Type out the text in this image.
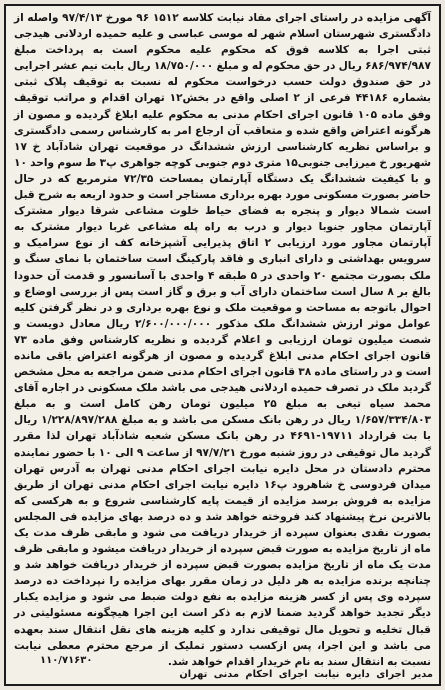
آگهی مزایده در راستای اجرای مفاد نیابت کلاسه ۱۵۱۲ ۹۶ مورخ ۹۷/۴/۱۳ واصله از دادگستری شهرستان اسلام شهر له موسی عباسی و علیه حمیده اردلانی هیدجی ثبتی اجرا به کلاسه فوق که محکوم علیه محکوم است به پرداخت مبلغ ۶۸۶/۹۷۴/۹۸۷ ریال در حق محکوم له و مبلغ ۱۸/۷۵۰/۰۰۰ ریال بابت نیم عشر اجرایی در حق صندوق دولت حسب درخواست محکوم له نسبت به توقیف پلاک ثبتی بشماره ۴۴۱۸۶ فرعی از ۲ اصلی واقع در بخش۱۲ تهران اقدام و مراتب توقیف وفق ماده ۱۰۵ قانون اجرای احکام مدنی به محکوم علیه ابلاغ گردیده و مصون از هرگونه اعتراض واقع شده و متعاقب آن ارجاع امر به کارشناس رسمی دادگستری و براساس نظریه کارشناسی ارزش ششدانگ در موقعیت تهران شادآباد خ ۱۷ شهریور خ میرزایی جنوبی۱۵ متری دوم جنوبی کوچه جواهری پ۳ ط سوم واحد ۱۰ و با کیفیت ششدانگ یک دستگاه آپارتمان بمساحت ۷۲/۳۵ مترمربع که در حال حاضر بصورت مسکونی مورد بهره برداری مستاجر است و حدود اربعه به شرح قبل است شمالا دیوار و پنجره به فضای حیاط خلوت مشاعی شرقا دیوار مشترک آپارتمان مجاور جنوبا دیوار و درب به راه پله مشاعی غربا دیوار مشترک به آپارتمان مجاور مورد ارزیابی ۲ اتاق پذیرایی آشپزخانه کف از نوع سرامیک و سرویس بهداشتی و دارای انباری و فاقد پارکینگ است ساختمان با نمای سنگ و ملک بصورت مجتمع ۲۰ واحدی در ۵ طبقه ۴ واحدی با آسانسور و قدمت آن حدودا بالغ بر ۸ سال است ساختمان دارای آب و برق و گاز است پس از بررسی اوضاع و احوال باتوجه به مساحت و موقعیت ملک و نوع بهره برداری و در نظر گرفتن کلیه عوامل موثر ارزش ششدانگ ملک مذکور ۲/۶۰۰/۰۰۰/۰۰۰ ریال معادل دویست و شصت میلیون تومان ارزیابی و اعلام گردیده و نظریه کارشناس وفق ماده ۷۳ قانون اجرای احکام مدنی ابلاغ گردیده و مصون از هرگونه اعتراض باقی مانده است و در راستای ماده ۳۸ قانون اجرای احکام مدنی ضمن مراجعه به محل مشخص گردید ملک در تصرف حمیده اردلانی هیدجی می باشد ملک مسکونی در اجاره آقای محمد سیاه تیغی به مبلغ ۲۵ میلیون تومان رهن کامل است و به مبلغ ۱/۶۵۷/۳۳۴/۸۰۳ ریال در رهن بانک مسکن می باشد و به مبلغ ۱/۲۲۸/۸۹۷/۲۸۸ ریال با بت قرارداد ۱۹۷۱۱-۴۶۹۱ در رهن بانک مسکن شعبه شادآباد تهران لذا مقرر گردید مال توقیفی در روز شنبه مورخ ۹۷/۷/۲۱ از ساعت ۹ الی ۱۰ با حضور نماینده محترم دادستان در محل دایره نیابت اجرای احکام مدنی تهران به آدرس تهران میدان فردوسی خ شاهرود پ۱۶ دایره نیابت اجرای احکام مدنی تهران از طریق مزایده به فروش برسد مزایده از قیمت پایه کارشناسی شروع و به هرکسی که بالاترین نرخ پیشنهاد کند فروخته خواهد شد و ده درصد بهای مزایده فی المجلس بصورت نقدی بعنوان سپرده از خریدار دریافت می شود و مابقی ظرف مدت یک ماه از تاریخ مزایده به صورت قبض سپرده از خریدار دریافت میشود و مابقی ظرف مدت یک ماه از تاریخ مزایده بصورت قبض سپرده از خریدار دریافت خواهد شد و چنانچه برنده مزایده به هر دلیل در زمان مقرر بهای مزایده را نپرداخت ده درصد سپرده وی پس از کسر هزینه مزایده به نفع دولت ضبط می شود و مزایده یکبار دیگر تجدید خواهد گردید ضمنا لازم به ذکر است این اجرا هیچگونه مسئولیتی در قبال تخلیه و تحویل مال توقیفی ندارد و کلیه هزینه های نقل انتقال سند بعهده می باشد و این اجرا، پس ازکسب دستور تملیک از مرجع محترم معطی نیابت نسبت به انتقال سند به نام خریدار اقدام خواهد شد.
۱۱۰/۷۱۶۳۰
مدیر اجرای دایره نیابت اجرای احکام مدنی تهران
